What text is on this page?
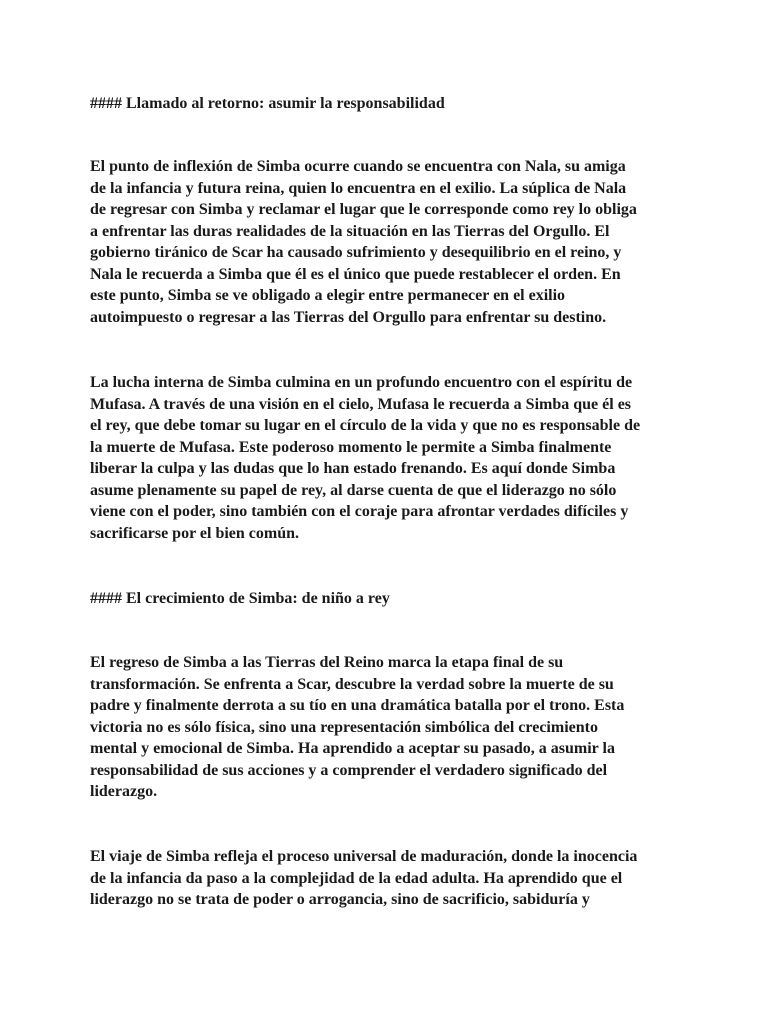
#### Llamado al retorno: asumir la responsabilidad

El punto de inflexión de Simba ocurre cuando se encuentra con Nala, su amiga
de la infancia y futura reina, quien lo encuentra en el exilio. La súplica de Nala
de regresar con Simba y reclamar el lugar que le corresponde como rey lo obliga
a enfrentar las duras realidades de la situación en las Tierras del Orgullo. El
gobierno tiránico de Scar ha causado sufrimiento y desequilibrio en el reino, y
Nala le recuerda a Simba que él es el único que puede restablecer el orden. En
este punto, Simba se ve obligado a elegir entre permanecer en el exilio
autoimpuesto o regresar a las Tierras del Orgullo para enfrentar su destino.

La lucha interna de Simba culmina en un profundo encuentro con el espíritu de
Mufasa. A través de una visión en el cielo, Mufasa le recuerda a Simba que él es
el rey, que debe tomar su lugar en el círculo de la vida y que no es responsable de
la muerte de Mufasa. Este poderoso momento le permite a Simba finalmente
liberar la culpa y las dudas que lo han estado frenando. Es aquí donde Simba
asume plenamente su papel de rey, al darse cuenta de que el liderazgo no sólo
viene con el poder, sino también con el coraje para afrontar verdades difíciles y
sacrificarse por el bien común.

#### El crecimiento de Simba: de niño a rey

El regreso de Simba a las Tierras del Reino marca la etapa final de su
transformación. Se enfrenta a Scar, descubre la verdad sobre la muerte de su
padre y finalmente derrota a su tío en una dramática batalla por el trono. Esta
victoria no es sólo física, sino una representación simbólica del crecimiento
mental y emocional de Simba. Ha aprendido a aceptar su pasado, a asumir la
responsabilidad de sus acciones y a comprender el verdadero significado del
liderazgo.

El viaje de Simba refleja el proceso universal de maduración, donde la inocencia
de la infancia da paso a la complejidad de la edad adulta. Ha aprendido que el
liderazgo no se trata de poder o arrogancia, sino de sacrificio, sabiduría y
